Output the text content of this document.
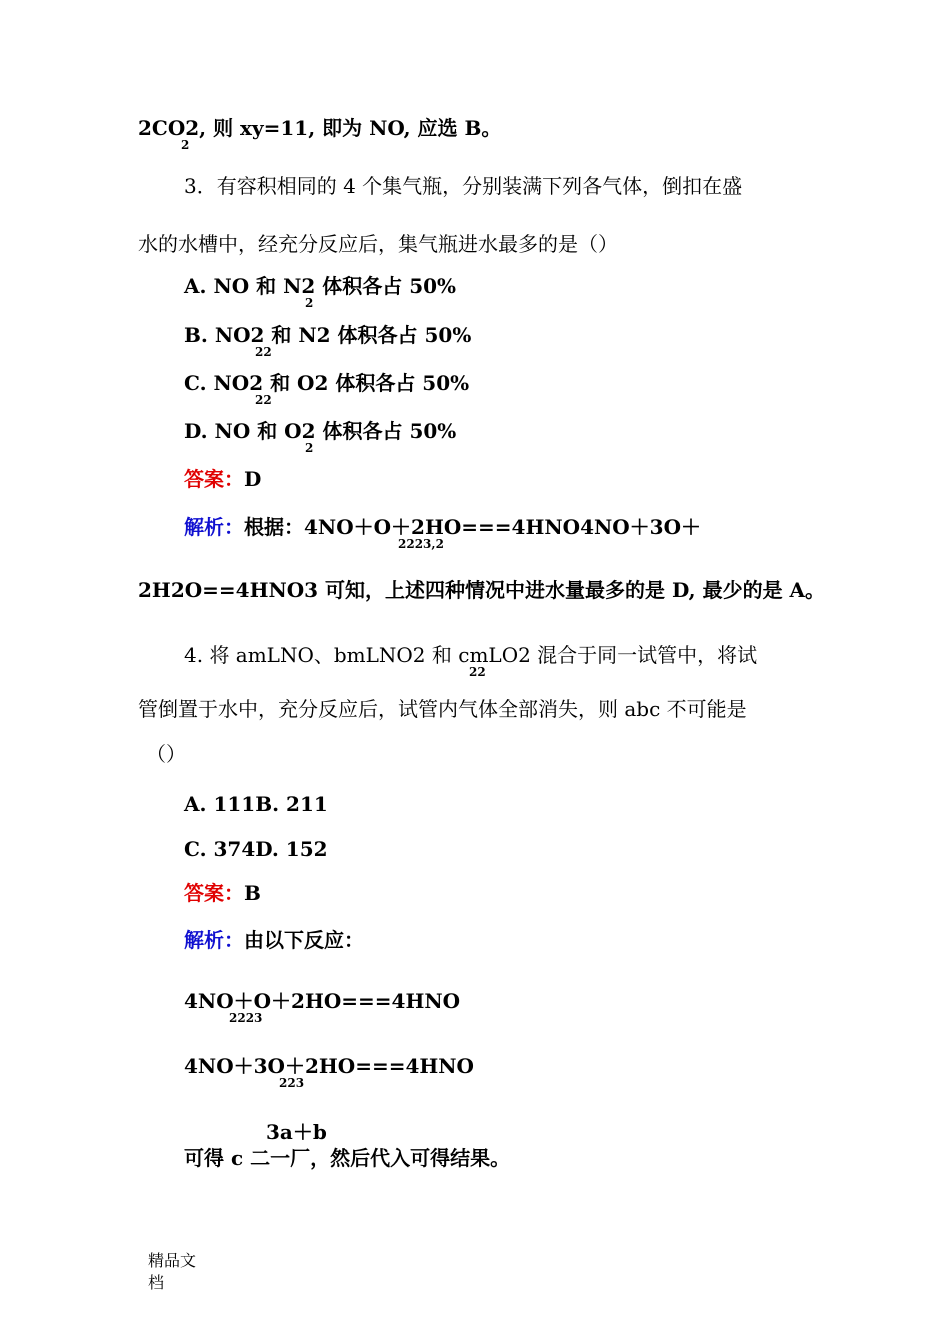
2CO2, 则 xy=11, 即为 NO, 应选 B。
2
3．有容积相同的 4 个集气瓶，分别装满下列各气体，倒扣在盛
水的水槽中，经充分反应后，集气瓶进水最多的是（）
A. NO 和 N2 体积各占 50%
2
B. NO2 和 N2 体积各占 50%
22
C. NO2 和 O2 体积各占 50%
22
D. NO 和 O2 体积各占 50%
2
答案：D
解析：根据：4NO＋O＋2HO===4HNO4NO＋3O＋
2223,2
2H2O==4HNO3 可知，上述四种情况中进水量最多的是 D, 最少的是 A。
4. 将 amLNO、bmLNO2 和 cmLO2 混合于同一试管中，将试
22
管倒置于水中，充分反应后，试管内气体全部消失，则 abc 不可能是
（）
A. 111B. 211
C. 374D. 152
答案：B
解析：由以下反应：
4NO＋O＋2HO===4HNO
2223
4NO＋3O＋2HO===4HNO
223
3a＋b
可得 c 二一厂，然后代入可得结果。
精品文
档
